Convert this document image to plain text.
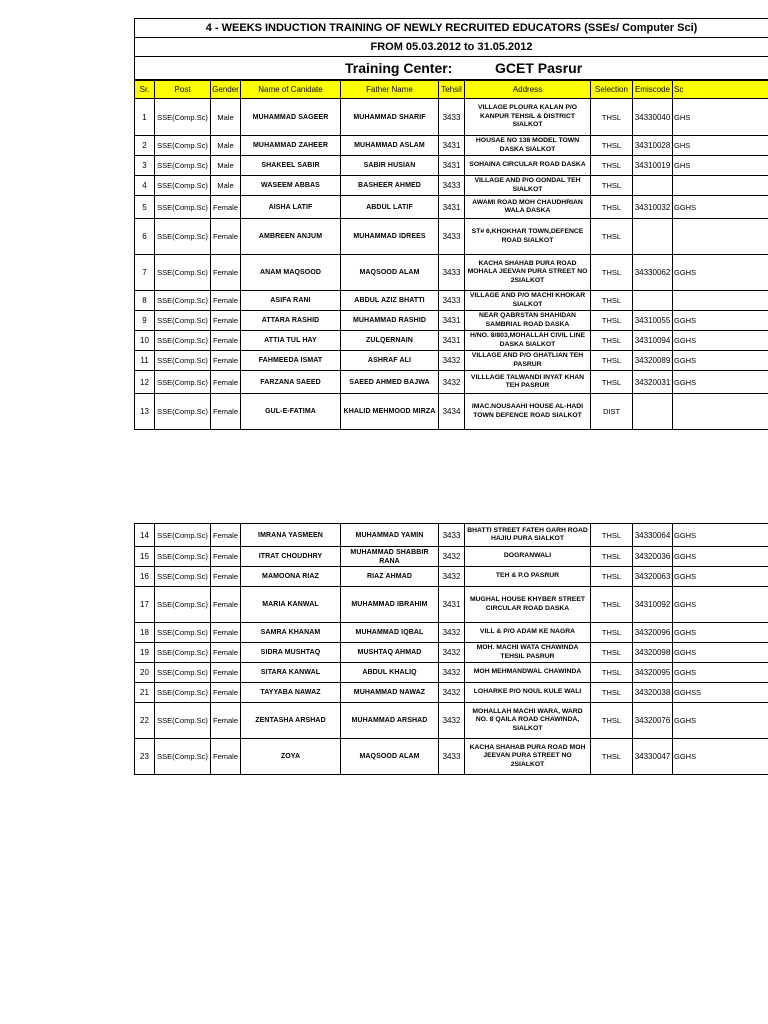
4 - WEEKS INDUCTION TRAINING OF NEWLY RECRUITED EDUCATORS (SSEs/ Computer Sci)
FROM 05.03.2012 to 31.05.2012
Training Center:	GCET Pasrur
Sr.	Post	Gender	Name of Canidate	Father Name	Tehsil	Address	Selection	Emiscode	Sc
1	SSE(Comp.Sc)	Male	MUHAMMAD SAGEER	MUHAMMAD SHARIF	3433	VILLAGE PLOURA KALAN P/O KANPUR TEHSIL & DISTRICT SIALKOT	THSL	34330040	GHS
2	SSE(Comp.Sc)	Male	MUHAMMAD ZAHEER	MUHAMMAD ASLAM	3431	HOUSAE NO 138 MODEL TOWN DASKA SIALKOT	THSL	34310028	GHS
3	SSE(Comp.Sc)	Male	SHAKEEL SABIR	SABIR HUSIAN	3431	SOHAINA CIRCULAR ROAD DASKA	THSL	34310019	GHS
4	SSE(Comp.Sc)	Male	WASEEM ABBAS	BASHEER AHMED	3433	VILLAGE AND P/O GONDAL TEH SIALKOT	THSL		
5	SSE(Comp.Sc)	Female	AISHA LATIF	ABDUL LATIF	3431	AWAMI ROAD MOH CHAUDHRIAN WALA DASKA	THSL	34310032	GGHS
6	SSE(Comp.Sc)	Female	AMBREEN ANJUM	MUHAMMAD IDREES	3433	ST# 6,KHOKHAR TOWN,DEFENCE ROAD SIALKOT	THSL		
7	SSE(Comp.Sc)	Female	ANAM MAQSOOD	MAQSOOD ALAM	3433	KACHA SHAHAB PURA ROAD MOHALA JEEVAN PURA STREET NO 2SIALKOT	THSL	34330062	GGHS
8	SSE(Comp.Sc)	Female	ASIFA RANI	ABDUL AZIZ BHATTI	3433	VILLAGE AND P/O MACHI KHOKAR SIALKOT	THSL		
9	SSE(Comp.Sc)	Female	ATTARA RASHID	MUHAMMAD RASHID	3431	NEAR QABRSTAN SHAHIDAN SAMBRIAL ROAD DASKA	THSL	34310055	GGHS
10	SSE(Comp.Sc)	Female	ATTIA TUL HAY	ZULQERNAIN	3431	H/NO. 8/803,MOHALLAH CIVIL LINE DASKA SIALKOT	THSL	34310094	GGHS
11	SSE(Comp.Sc)	Female	FAHMEEDA ISMAT	ASHRAF ALI	3432	VILLAGE AND P/O GHATLIAN TEH PASRUR	THSL	34320089	GGHS
12	SSE(Comp.Sc)	Female	FARZANA SAEED	SAEED AHMED BAJWA	3432	VILLLAGE TALWANDI INYAT KHAN TEH PASRUR	THSL	34320031	GGHS
13	SSE(Comp.Sc)	Female	GUL-E-FATIMA	KHALID MEHMOOD MIRZA	3434	IMAC.NOUSAAHI HOUSE AL-HADI TOWN DEFENCE ROAD SIALKOT	DIST		
14	SSE(Comp.Sc)	Female	IMRANA YASMEEN	MUHAMMAD YAMIN	3433	BHATTI STREET FATEH GARH ROAD HAJIU PURA SIALKOT	THSL	34330064	GGHS
15	SSE(Comp.Sc)	Female	ITRAT CHOUDHRY	MUHAMMAD SHABBIR RANA	3432	DOGRANWALI	THSL	34320036	GGHS
16	SSE(Comp.Sc)	Female	MAMOONA RIAZ	RIAZ AHMAD	3432	TEH & P.O PASRUR	THSL	34320063	GGHS
17	SSE(Comp.Sc)	Female	MARIA KANWAL	MUHAMMAD IBRAHIM	3431	MUGHAL HOUSE KHYBER STREET CIRCULAR ROAD DASKA	THSL	34310092	GGHS
18	SSE(Comp.Sc)	Female	SAMRA KHANAM	MUHAMMAD IQBAL	3432	VILL & P/O ADAM KE NAGRA	THSL	34320096	GGHS
19	SSE(Comp.Sc)	Female	SIDRA MUSHTAQ	MUSHTAQ AHMAD	3432	MOH. MACHI WATA CHAWINDA TEHSIL PASRUR	THSL	34320098	GGHS
20	SSE(Comp.Sc)	Female	SITARA KANWAL	ABDUL KHALIQ	3432	MOH MEHMANDWAL CHAWINDA	THSL	34320095	GGHS
21	SSE(Comp.Sc)	Female	TAYYABA NAWAZ	MUHAMMAD NAWAZ	3432	LOHARKE P/O NOUL KULE WALI	THSL	34320038	GGHSS
22	SSE(Comp.Sc)	Female	ZENTASHA ARSHAD	MUHAMMAD ARSHAD	3432	MOHALLAH MACHI WARA, WARD NO. 8 QAILA ROAD CHAWINDA, SIALKOT	THSL	34320076	GGHS
23	SSE(Comp.Sc)	Female	ZOYA	MAQSOOD ALAM	3433	KACHA SHAHAB PURA ROAD MOH JEEVAN PURA STREET NO 2SIALKOT	THSL	34330047	GGHS
